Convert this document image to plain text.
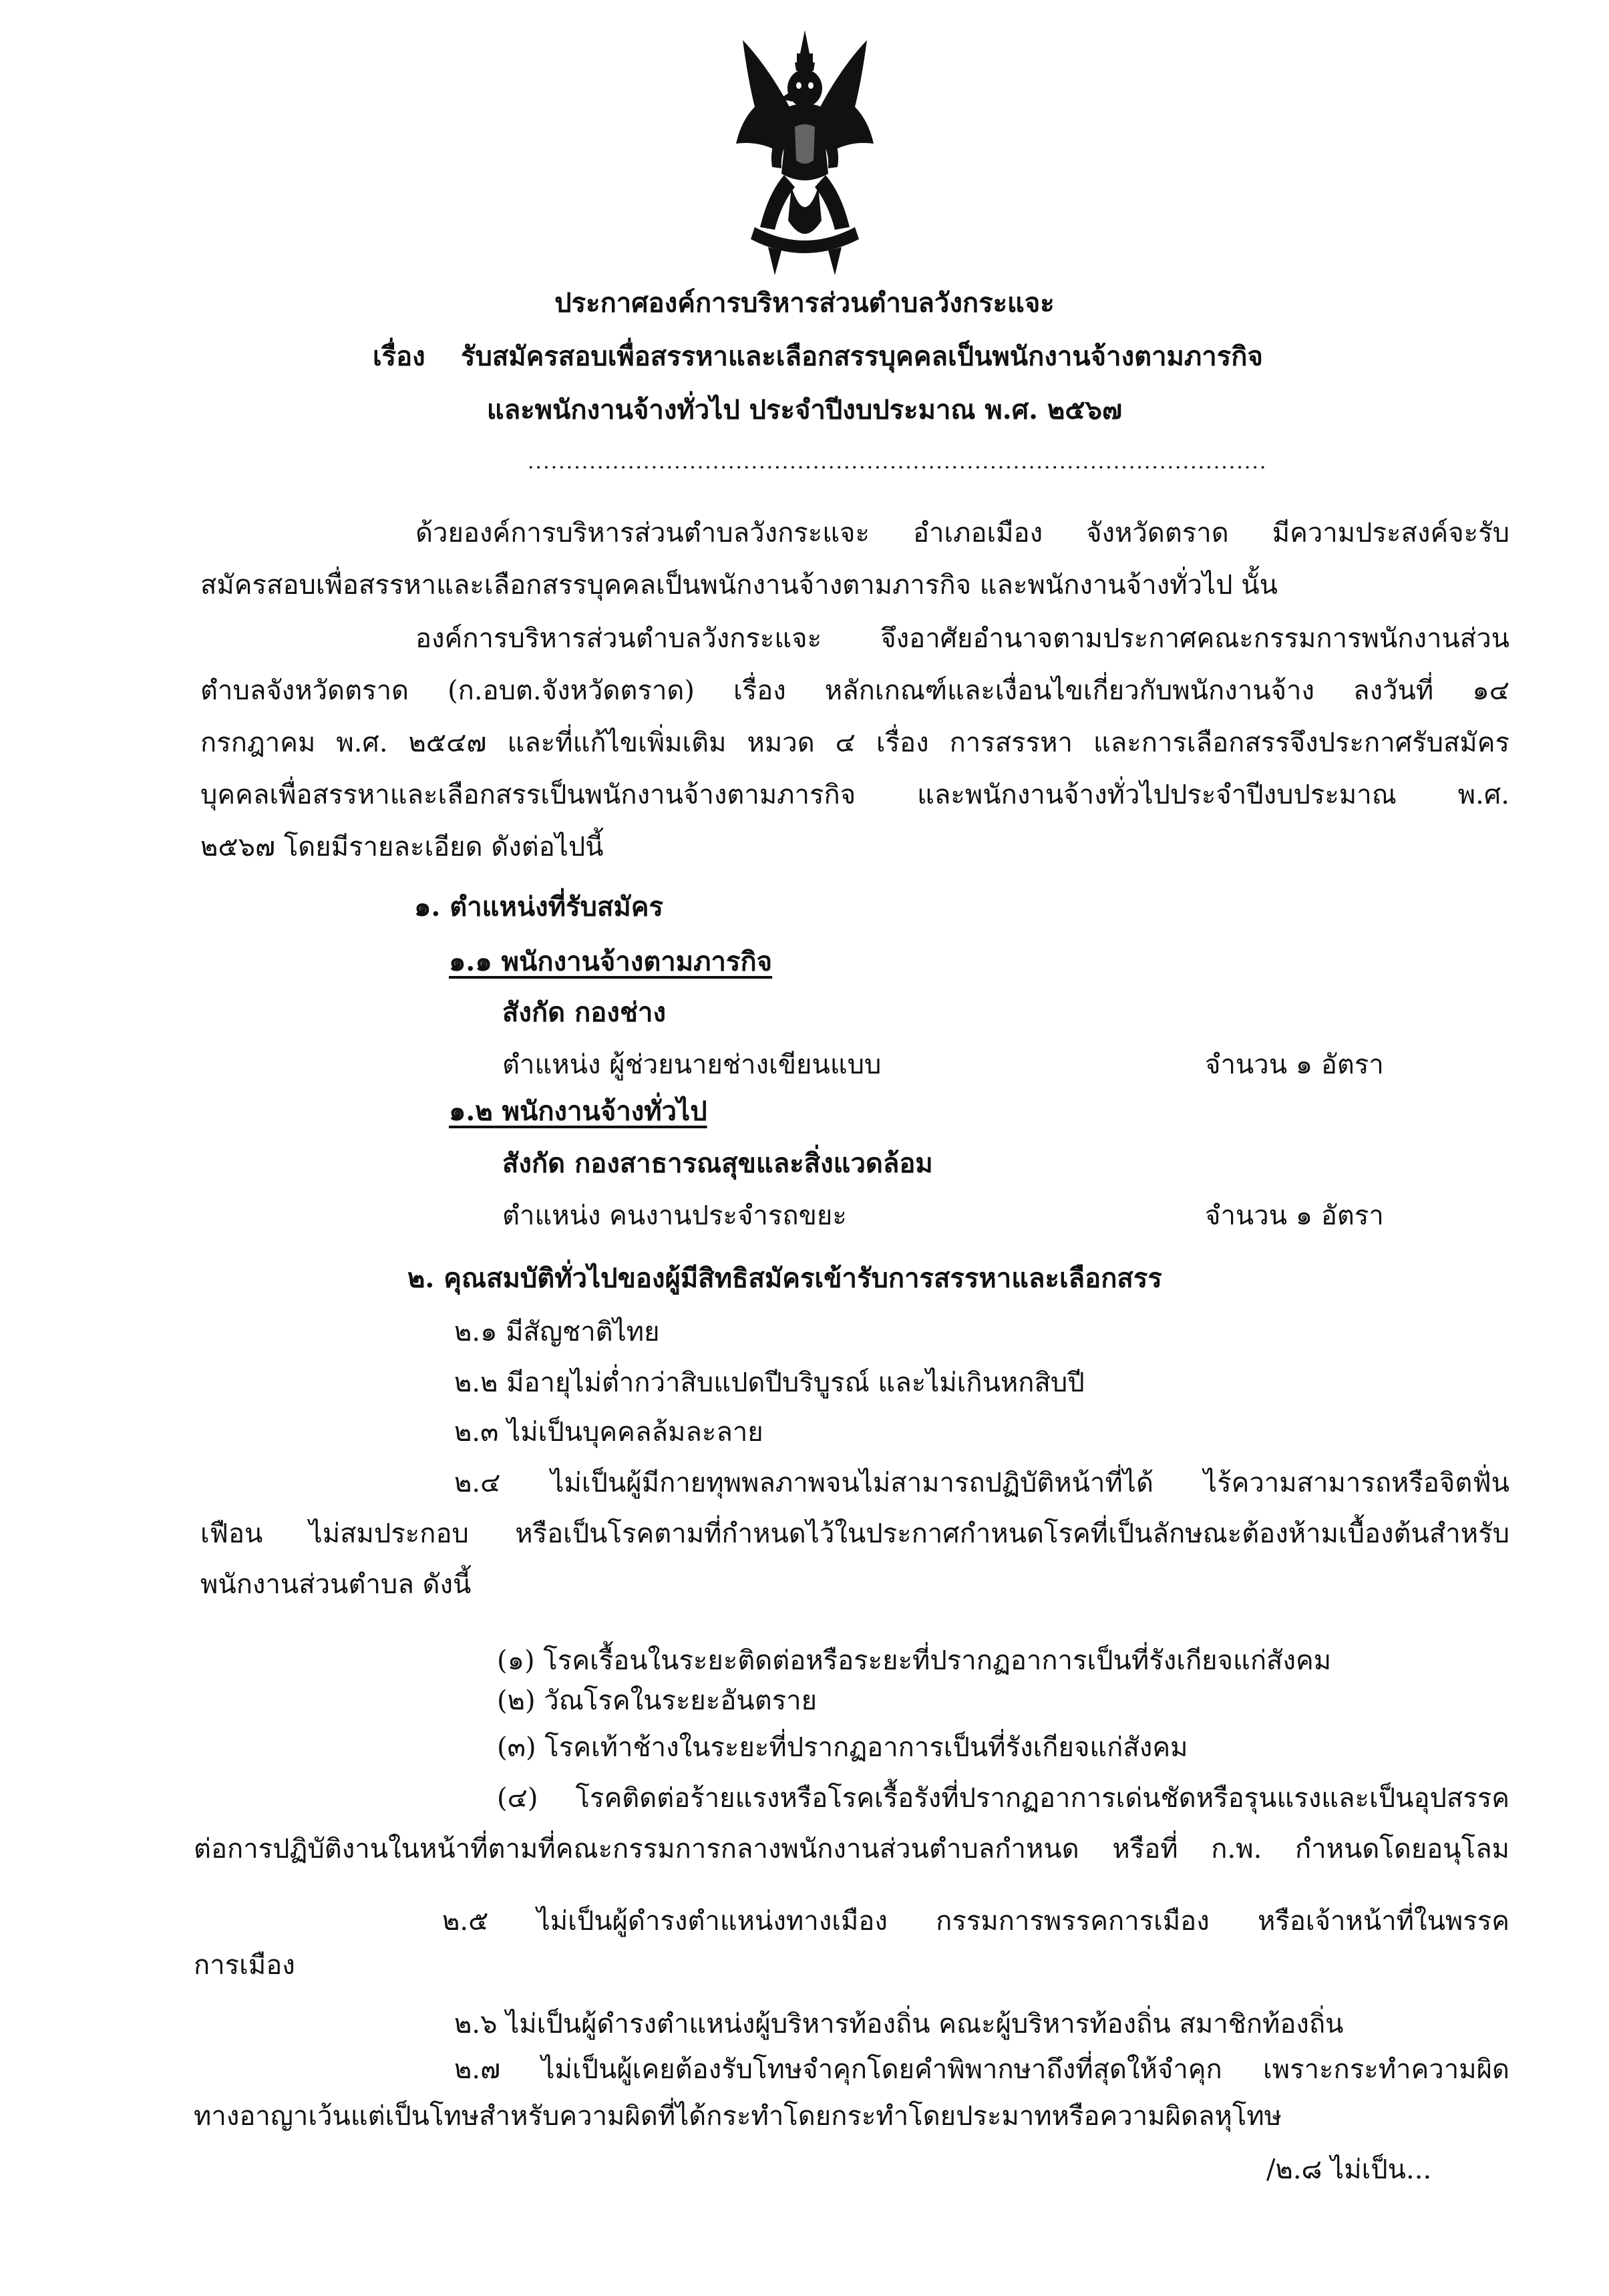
ประกาศองค์การบริหารส่วนตำบลวังกระแจะ
เรื่อง รับสมัครสอบเพื่อสรรหาและเลือกสรรบุคคลเป็นพนักงานจ้างตามภารกิจ
และพนักงานจ้างทั่วไป ประจำปีงบประมาณ พ.ศ. ๒๕๖๗
................................................................................................
ด้วยองค์การบริหารส่วนตำบลวังกระแจะ อำเภอเมือง จังหวัดตราด มีความประสงค์จะรับ
สมัครสอบเพื่อสรรหาและเลือกสรรบุคคลเป็นพนักงานจ้างตามภารกิจ และพนักงานจ้างทั่วไป นั้น
องค์การบริหารส่วนตำบลวังกระแจะ จึงอาศัยอำนาจตามประกาศคณะกรรมการพนักงานส่วน
ตำบลจังหวัดตราด (ก.อบต.จังหวัดตราด) เรื่อง หลักเกณฑ์และเงื่อนไขเกี่ยวกับพนักงานจ้าง ลงวันที่ ๑๔
กรกฎาคม พ.ศ. ๒๕๔๗ และที่แก้ไขเพิ่มเติม หมวด ๔ เรื่อง การสรรหา และการเลือกสรรจึงประกาศรับสมัคร
บุคคลเพื่อสรรหาและเลือกสรรเป็นพนักงานจ้างตามภารกิจ และพนักงานจ้างทั่วไปประจำปีงบประมาณ พ.ศ.
๒๕๖๗ โดยมีรายละเอียด ดังต่อไปนี้
๑. ตำแหน่งที่รับสมัคร
๑.๑ พนักงานจ้างตามภารกิจ
สังกัด กองช่าง
ตำแหน่ง ผู้ช่วยนายช่างเขียนแบบ	จำนวน ๑ อัตรา
๑.๒ พนักงานจ้างทั่วไป
สังกัด กองสาธารณสุขและสิ่งแวดล้อม
ตำแหน่ง คนงานประจำรถขยะ	จำนวน ๑ อัตรา
๒. คุณสมบัติทั่วไปของผู้มีสิทธิสมัครเข้ารับการสรรหาและเลือกสรร
๒.๑ มีสัญชาติไทย
๒.๒ มีอายุไม่ต่ำกว่าสิบแปดปีบริบูรณ์ และไม่เกินหกสิบปี
๒.๓ ไม่เป็นบุคคลล้มละลาย
๒.๔ ไม่เป็นผู้มีกายทุพพลภาพจนไม่สามารถปฏิบัติหน้าที่ได้ ไร้ความสามารถหรือจิตฟั่น
เฟือน ไม่สมประกอบ หรือเป็นโรคตามที่กำหนดไว้ในประกาศกำหนดโรคที่เป็นลักษณะต้องห้ามเบื้องต้นสำหรับ
พนักงานส่วนตำบล ดังนี้
(๑) โรคเรื้อนในระยะติดต่อหรือระยะที่ปรากฏอาการเป็นที่รังเกียจแก่สังคม
(๒) วัณโรคในระยะอันตราย
(๓) โรคเท้าช้างในระยะที่ปรากฏอาการเป็นที่รังเกียจแก่สังคม
(๔) โรคติดต่อร้ายแรงหรือโรคเรื้อรังที่ปรากฏอาการเด่นชัดหรือรุนแรงและเป็นอุปสรรค
ต่อการปฏิบัติงานในหน้าที่ตามที่คณะกรรมการกลางพนักงานส่วนตำบลกำหนด หรือที่ ก.พ. กำหนดโดยอนุโลม
๒.๕ ไม่เป็นผู้ดำรงตำแหน่งทางเมือง กรรมการพรรคการเมือง หรือเจ้าหน้าที่ในพรรค
การเมือง
๒.๖ ไม่เป็นผู้ดำรงตำแหน่งผู้บริหารท้องถิ่น คณะผู้บริหารท้องถิ่น สมาชิกท้องถิ่น
๒.๗ ไม่เป็นผู้เคยต้องรับโทษจำคุกโดยคำพิพากษาถึงที่สุดให้จำคุก เพราะกระทำความผิด
ทางอาญาเว้นแต่เป็นโทษสำหรับความผิดที่ได้กระทำโดยกระทำโดยประมาทหรือความผิดลหุโทษ
/๒.๘ ไม่เป็น...
